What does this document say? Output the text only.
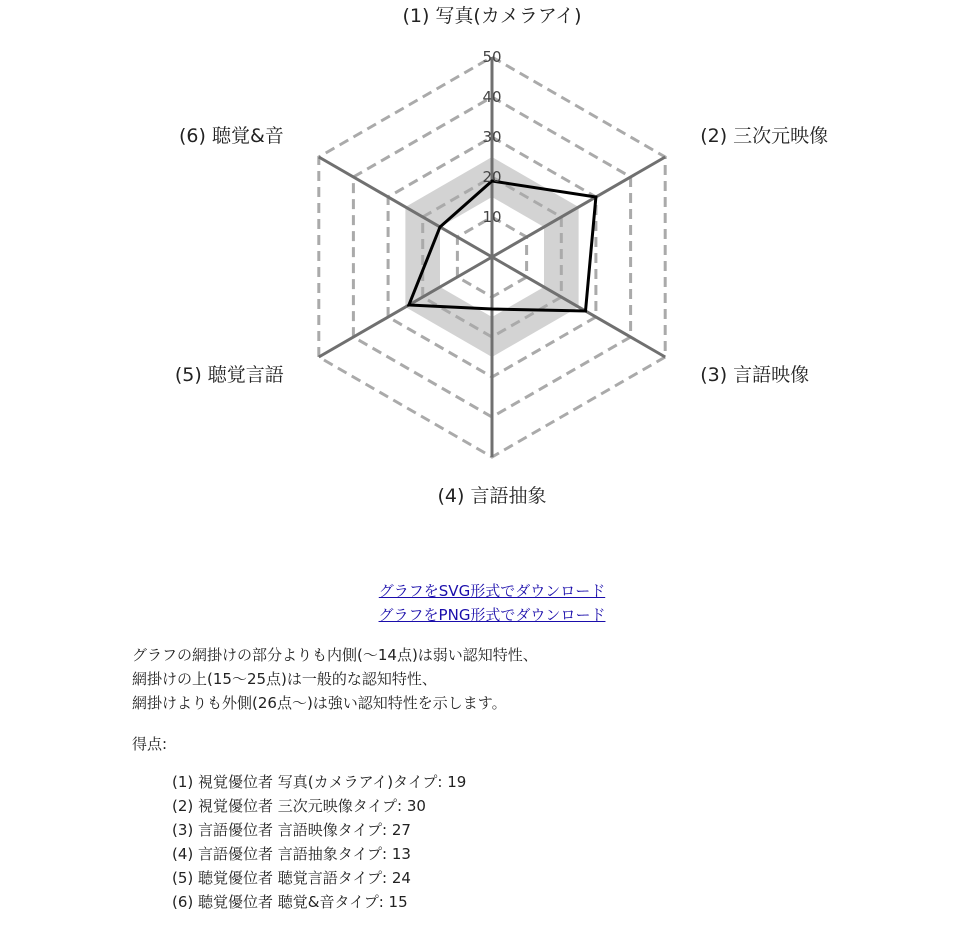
10
20
30
40
50
(1) 写真(カメラアイ)
(2) 三次元映像
(3) 言語映像
(4) 言語抽象
(5) 聴覚言語
(6) 聴覚&音
グラフをSVG形式でダウンロード
グラフをPNG形式でダウンロード

グラフの網掛けの部分よりも内側(～14点)は弱い認知特性、
網掛けの上(15～25点)は一般的な認知特性、
網掛けよりも外側(26点～)は強い認知特性を示します。

得点:

(1) 視覚優位者 写真(カメラアイ)タイプ: 19
(2) 視覚優位者 三次元映像タイプ: 30
(3) 言語優位者 言語映像タイプ: 27
(4) 言語優位者 言語抽象タイプ: 13
(5) 聴覚優位者 聴覚言語タイプ: 24
(6) 聴覚優位者 聴覚&音タイプ: 15
